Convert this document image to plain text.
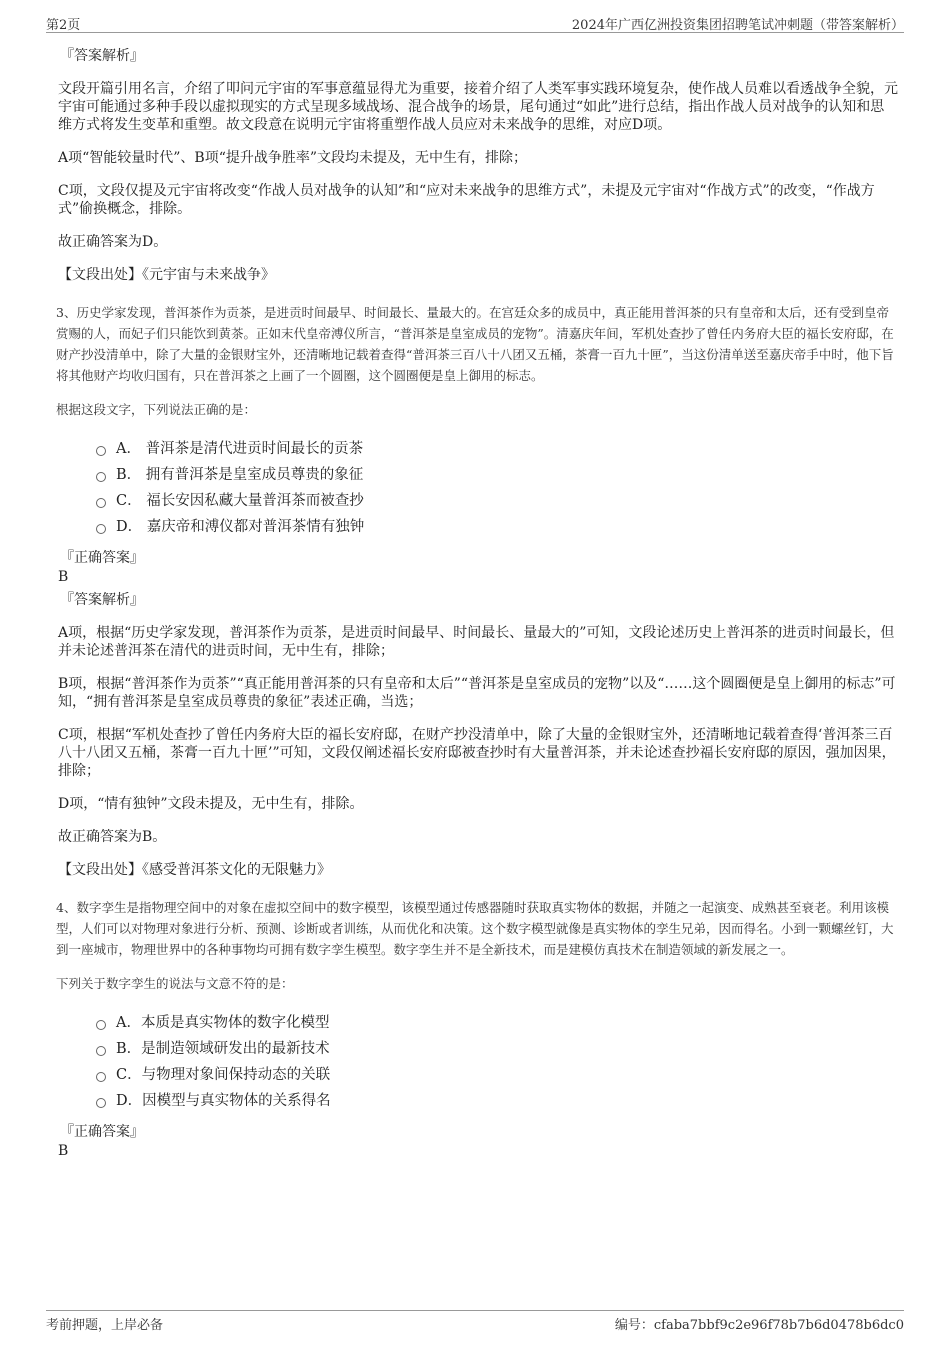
第2页	2024年广西亿洲投资集团招聘笔试冲刺题（带答案解析）
『答案解析』
文段开篇引用名言，介绍了叩问元宇宙的军事意蕴显得尤为重要，接着介绍了人类军事实践环境复杂，使作战人员难以看透战争全貌，元宇宙可能通过多种手段以虚拟现实的方式呈现多域战场、混合战争的场景，尾句通过“如此”进行总结，指出作战人员对战争的认知和思维方式将发生变革和重塑。故文段意在说明元宇宙将重塑作战人员应对未来战争的思维，对应D项。
A项“智能较量时代”、B项“提升战争胜率”文段均未提及，无中生有，排除；
C项，文段仅提及元宇宙将改变“作战人员对战争的认知”和“应对未来战争的思维方式”，未提及元宇宙对“作战方式”的改变，“作战方式”偷换概念，排除。
故正确答案为D。
【文段出处】《元宇宙与未来战争》
3、历史学家发现，普洱茶作为贡茶，是进贡时间最早、时间最长、量最大的。在宫廷众多的成员中，真正能用普洱茶的只有皇帝和太后，还有受到皇帝赏赐的人，而妃子们只能饮到黄茶。正如末代皇帝溥仪所言，“普洱茶是皇室成员的宠物”。清嘉庆年间，军机处查抄了曾任内务府大臣的福长安府邸，在财产抄没清单中，除了大量的金银财宝外，还清晰地记载着查得“普洱茶三百八十八团又五桶，茶膏一百九十匣”，当这份清单送至嘉庆帝手中时，他下旨将其他财产均收归国有，只在普洱茶之上画了一个圆圈，这个圆圈便是皇上御用的标志。
根据这段文字，下列说法正确的是：
A． 普洱茶是清代进贡时间最长的贡茶
B． 拥有普洱茶是皇室成员尊贵的象征
C． 福长安因私藏大量普洱茶而被查抄
D． 嘉庆帝和溥仪都对普洱茶情有独钟
『正确答案』
B
『答案解析』
A项，根据“历史学家发现，普洱茶作为贡茶，是进贡时间最早、时间最长、量最大的”可知，文段论述历史上普洱茶的进贡时间最长，但并未论述普洱茶在清代的进贡时间，无中生有，排除；
B项，根据“普洱茶作为贡茶”“真正能用普洱茶的只有皇帝和太后”“普洱茶是皇室成员的宠物”以及“……这个圆圈便是皇上御用的标志”可知，“拥有普洱茶是皇室成员尊贵的象征”表述正确，当选；
C项，根据“军机处查抄了曾任内务府大臣的福长安府邸，在财产抄没清单中，除了大量的金银财宝外，还清晰地记载着查得‘普洱茶三百八十八团又五桶，茶膏一百九十匣’”可知，文段仅阐述福长安府邸被查抄时有大量普洱茶，并未论述查抄福长安府邸的原因，强加因果，排除；
D项，“情有独钟”文段未提及，无中生有，排除。
故正确答案为B。
【文段出处】《感受普洱茶文化的无限魅力》
4、数字孪生是指物理空间中的对象在虚拟空间中的数字模型，该模型通过传感器随时获取真实物体的数据，并随之一起演变、成熟甚至衰老。利用该模型，人们可以对物理对象进行分析、预测、诊断或者训练，从而优化和决策。这个数字模型就像是真实物体的孪生兄弟，因而得名。小到一颗螺丝钉，大到一座城市，物理世界中的各种事物均可拥有数字孪生模型。数字孪生并不是全新技术，而是建模仿真技术在制造领域的新发展之一。
下列关于数字孪生的说法与文意不符的是：
A．本质是真实物体的数字化模型
B．是制造领域研发出的最新技术
C．与物理对象间保持动态的关联
D．因模型与真实物体的关系得名
『正确答案』
B
考前押题，上岸必备	编号：cfaba7bbf9c2e96f78b7b6d0478b6dc0
